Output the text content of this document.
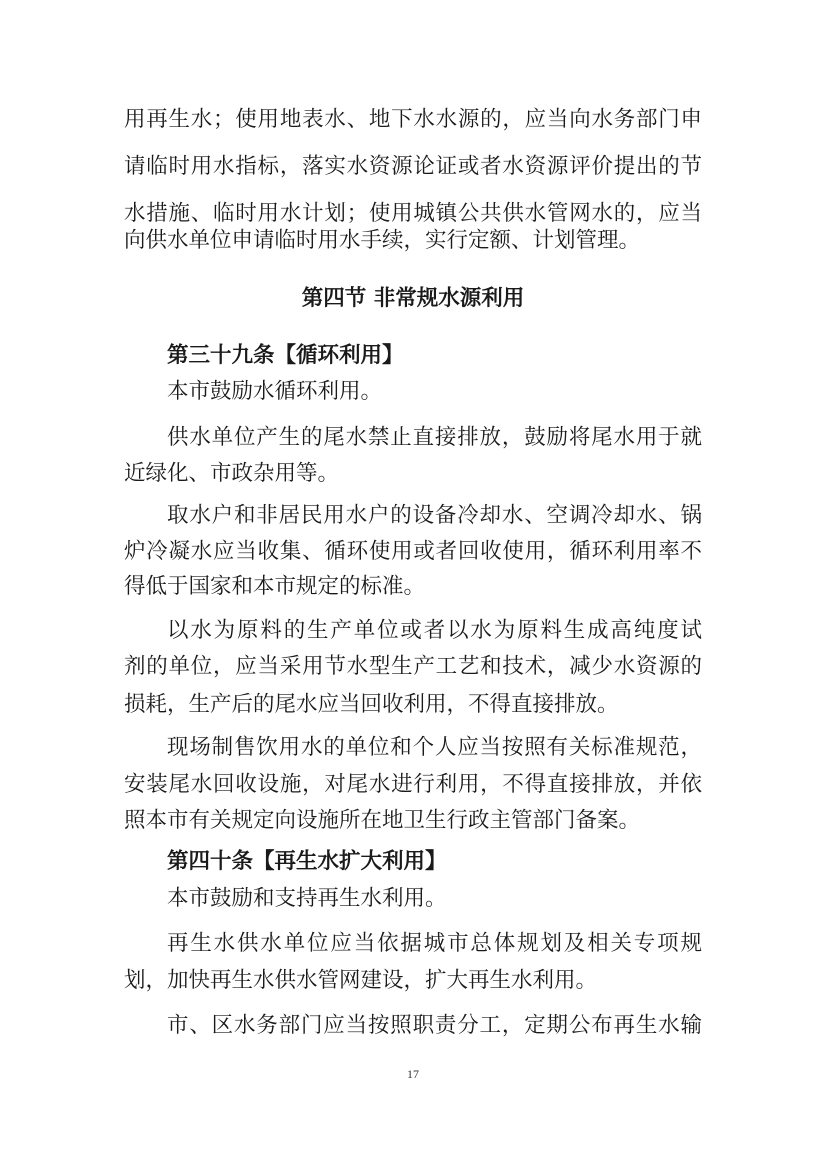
用再生水；使用地表水、地下水水源的，应当向水务部门申
请临时用水指标，落实水资源论证或者水资源评价提出的节
水措施、临时用水计划；使用城镇公共供水管网水的，应当
向供水单位申请临时用水手续，实行定额、计划管理。
第四节 非常规水源利用
第三十九条【循环利用】
本市鼓励水循环利用。
供水单位产生的尾水禁止直接排放，鼓励将尾水用于就
近绿化、市政杂用等。
取水户和非居民用水户的设备冷却水、空调冷却水、锅
炉冷凝水应当收集、循环使用或者回收使用，循环利用率不
得低于国家和本市规定的标准。
以水为原料的生产单位或者以水为原料生成高纯度试
剂的单位，应当采用节水型生产工艺和技术，减少水资源的
损耗，生产后的尾水应当回收利用，不得直接排放。
现场制售饮用水的单位和个人应当按照有关标准规范，
安装尾水回收设施，对尾水进行利用，不得直接排放，并依
照本市有关规定向设施所在地卫生行政主管部门备案。
第四十条【再生水扩大利用】
本市鼓励和支持再生水利用。
再生水供水单位应当依据城市总体规划及相关专项规
划，加快再生水供水管网建设，扩大再生水利用。
市、区水务部门应当按照职责分工，定期公布再生水输
17
